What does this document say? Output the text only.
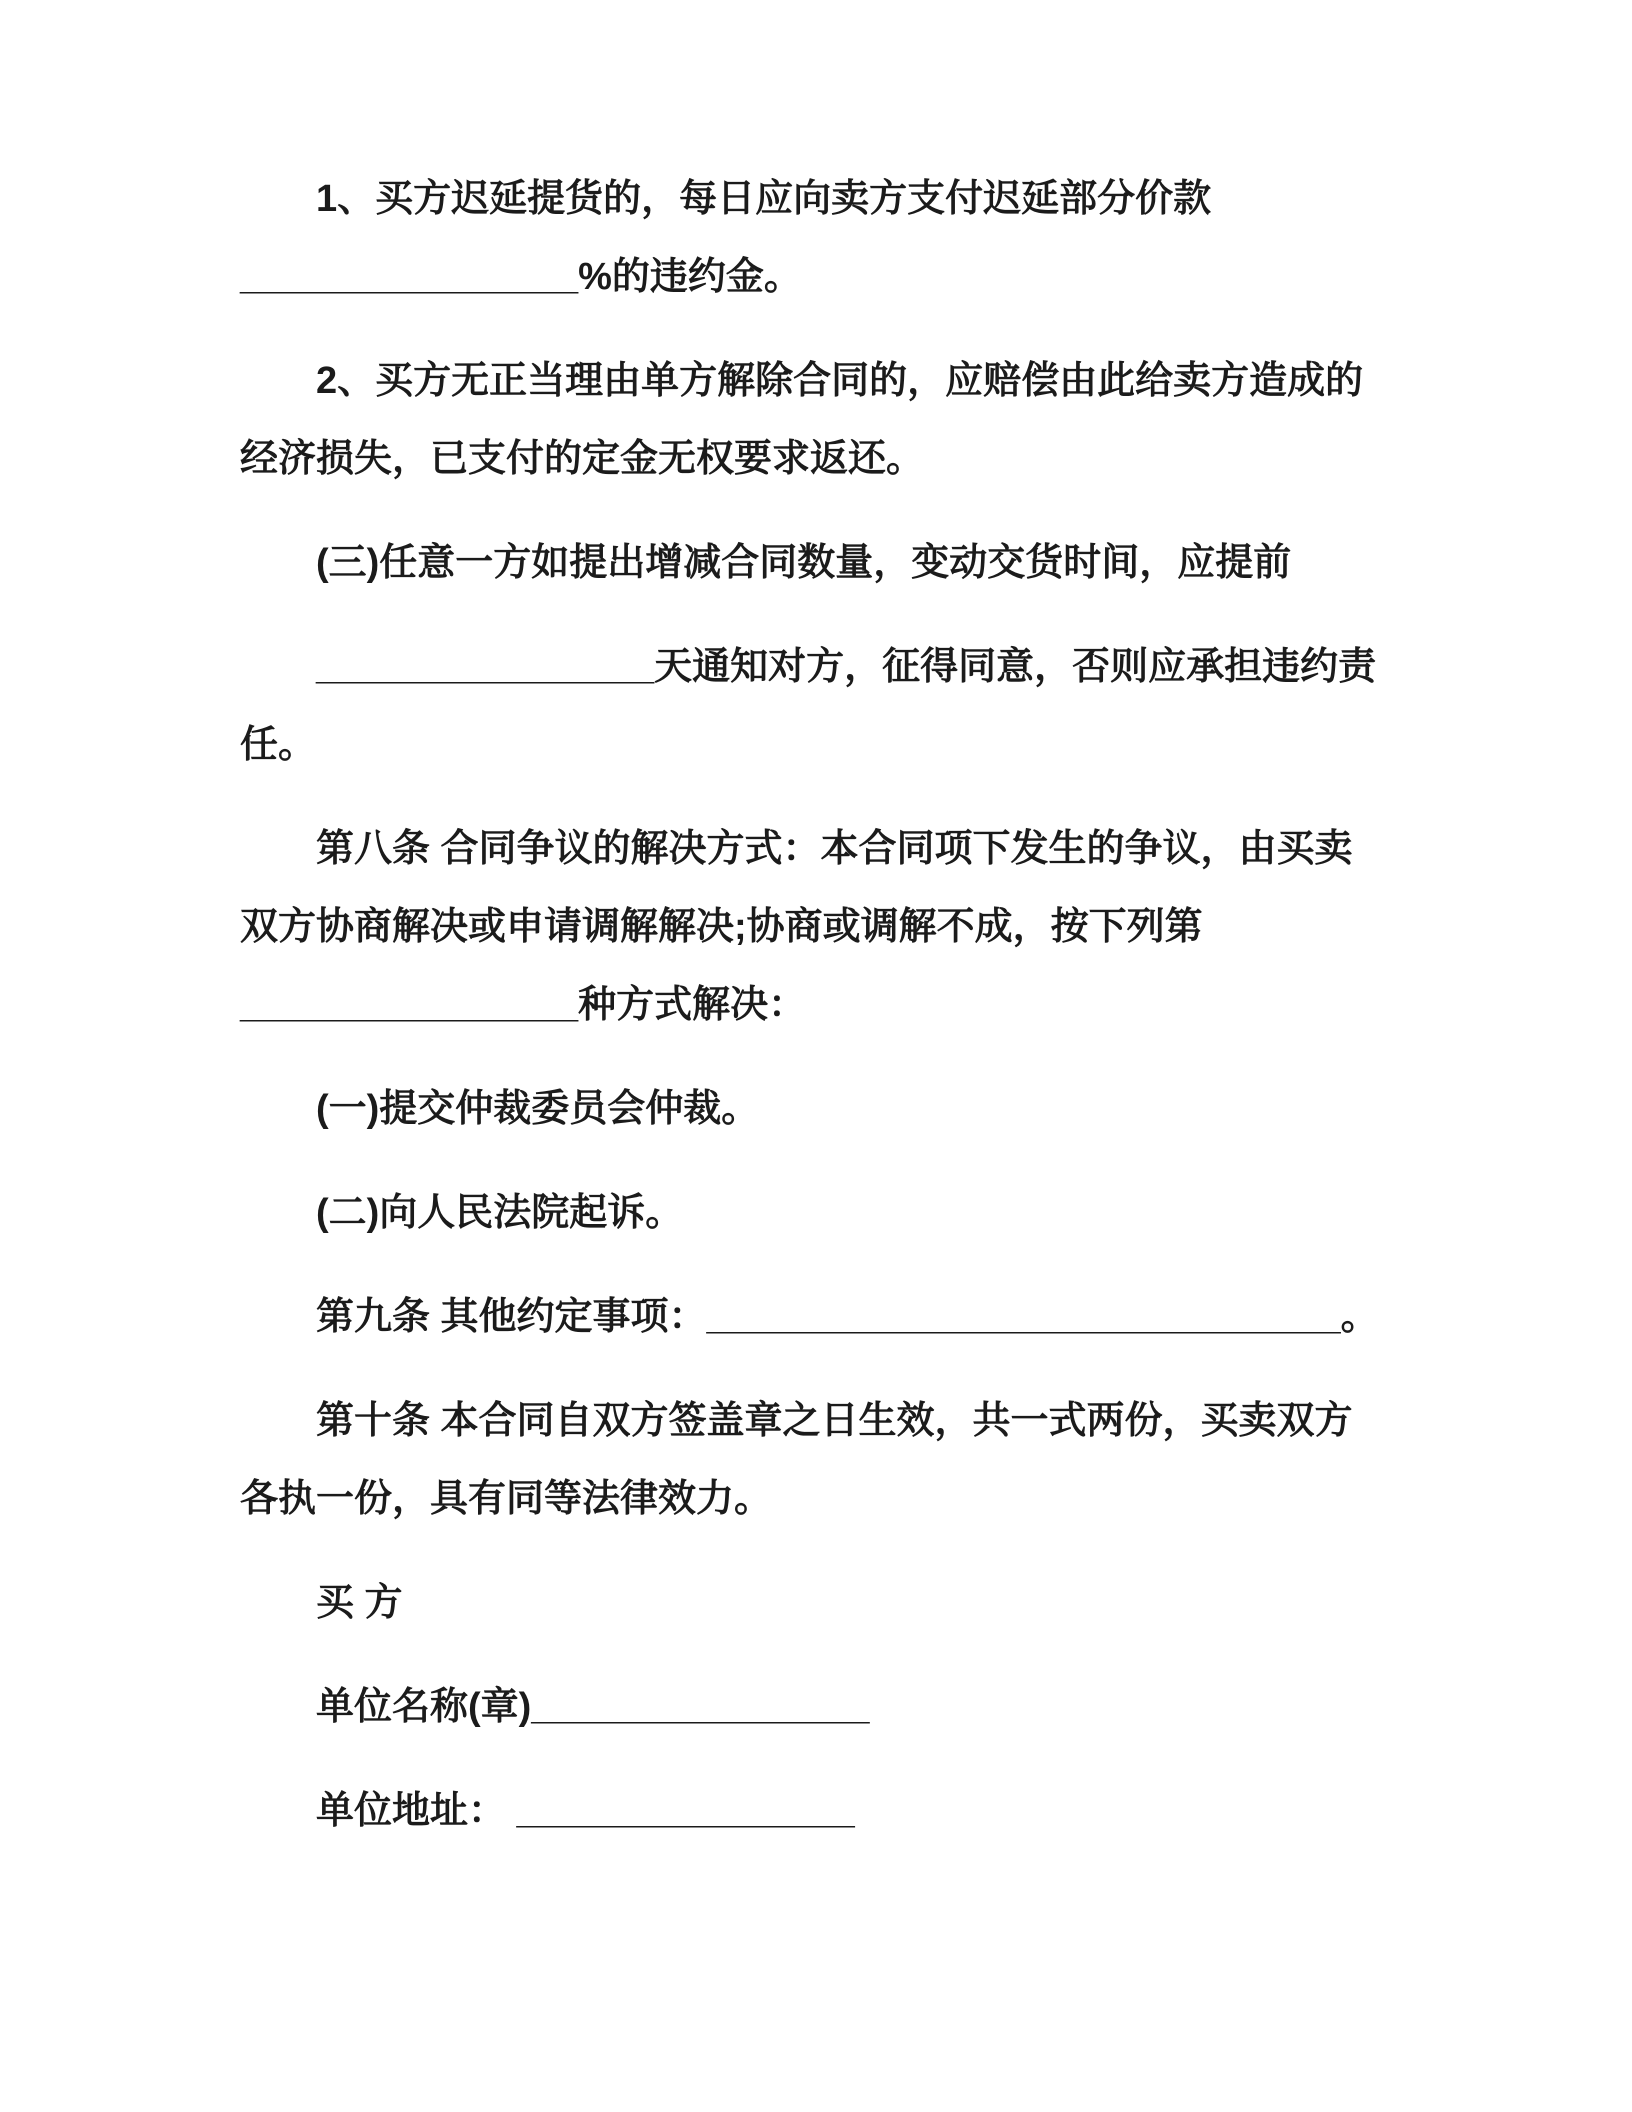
1、买方迟延提货的，每日应向卖方支付迟延部分价款________________%的违约金。

2、买方无正当理由单方解除合同的，应赔偿由此给卖方造成的经济损失，已支付的定金无权要求返还。

(三)任意一方如提出增减合同数量，变动交货时间，应提前

________________天通知对方，征得同意，否则应承担违约责任。

第八条 合同争议的解决方式：本合同项下发生的争议，由买卖双方协商解决或申请调解解决;协商或调解不成，按下列第________________种方式解决：

(一)提交仲裁委员会仲裁。

(二)向人民法院起诉。

第九条 其他约定事项：______________________________。

第十条 本合同自双方签盖章之日生效，共一式两份，买卖双方各执一份，具有同等法律效力。

买 方

单位名称(章)________________

单位地址： ________________
